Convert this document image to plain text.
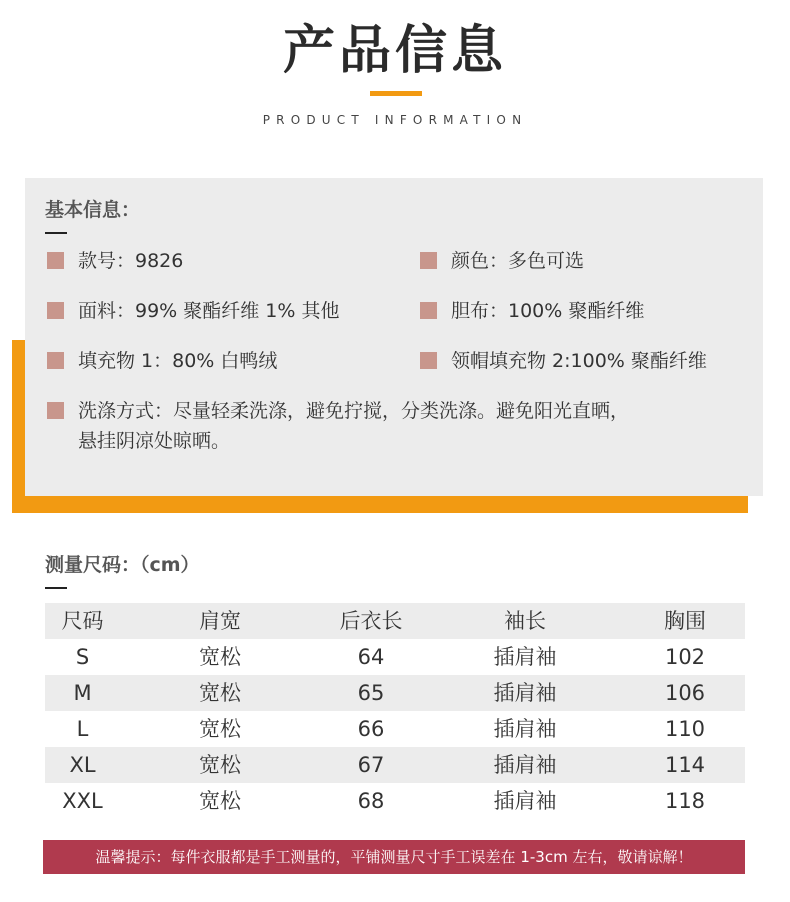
产品信息
PRODUCT INFORMATION
基本信息：
款号：9826	颜色：多色可选
面料：99% 聚酯纤维 1% 其他	胆布：100% 聚酯纤维
填充物 1：80% 白鸭绒	领帽填充物 2:100% 聚酯纤维
洗涤方式：尽量轻柔洗涤，避免拧搅，分类洗涤。避免阳光直晒，悬挂阴凉处晾晒。
测量尺码：（cm）
尺码	肩宽	后衣长	袖长	胸围
S	宽松	64	插肩袖	102
M	宽松	65	插肩袖	106
L	宽松	66	插肩袖	110
XL	宽松	67	插肩袖	114
XXL	宽松	68	插肩袖	118
温馨提示：每件衣服都是手工测量的，平铺测量尺寸手工误差在 1-3cm 左右，敬请谅解！
